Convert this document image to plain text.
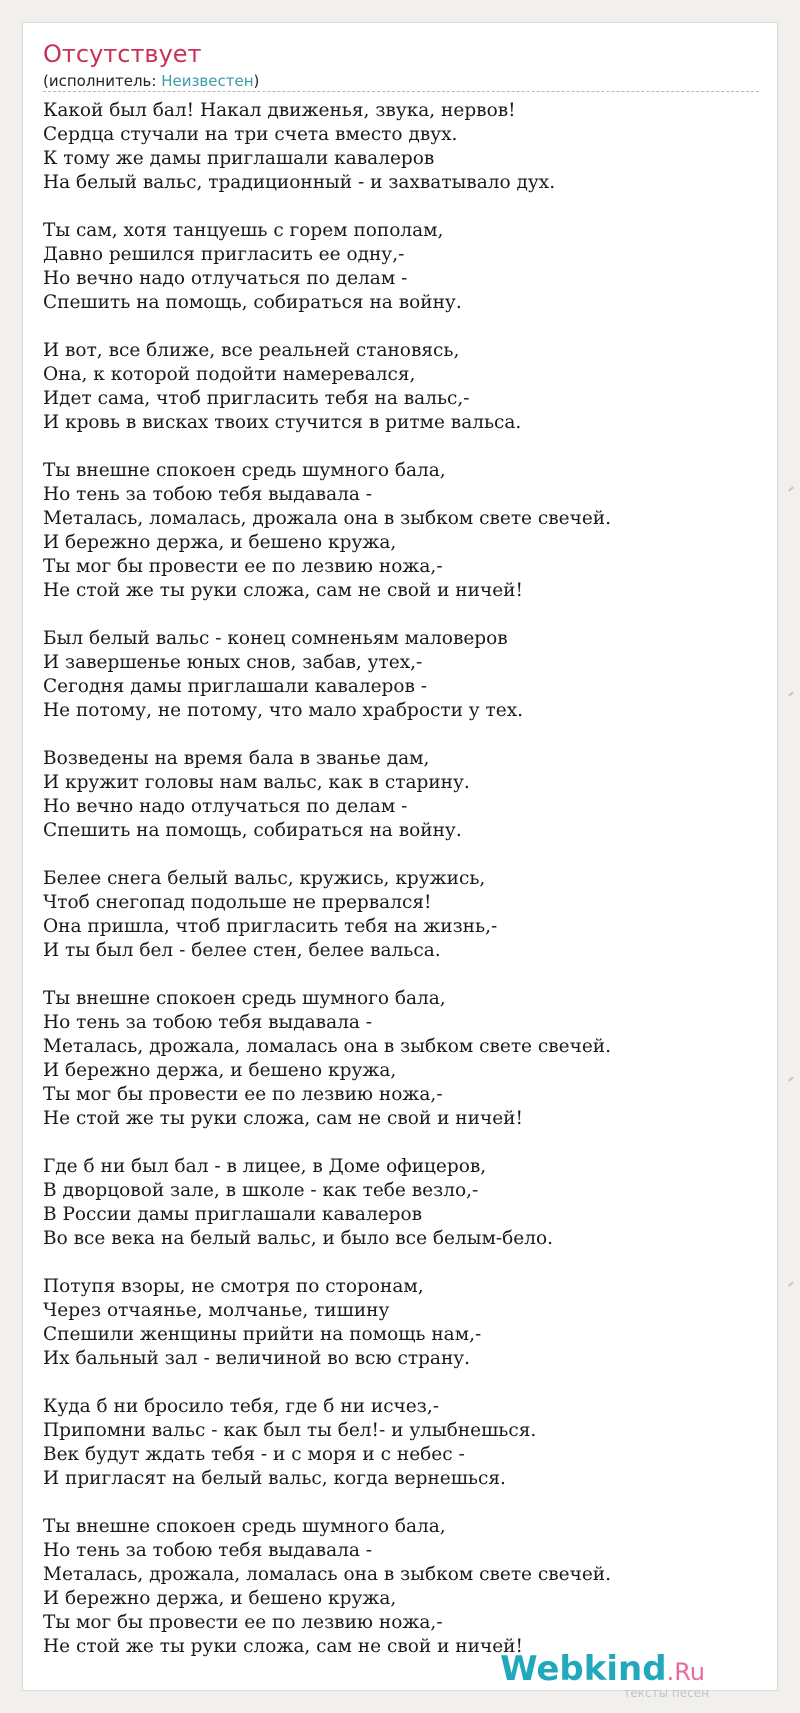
Отсутствует
(исполнитель: Неизвестен)
Какой был бал! Накал движенья, звука, нервов!
Сердца стучали на три счета вместо двух.
К тому же дамы приглашали кавалеров
На белый вальс, традиционный - и захватывало дух.
Ты сам, хотя танцуешь с горем пополам,
Давно решился пригласить ее одну,-
Но вечно надо отлучаться по делам -
Спешить на помощь, собираться на войну.
И вот, все ближе, все реальней становясь,
Она, к которой подойти намеревался,
Идет сама, чтоб пригласить тебя на вальс,-
И кровь в висках твоих стучится в ритме вальса.
Ты внешне спокоен средь шумного бала,
Но тень за тобою тебя выдавала -
Металась, ломалась, дрожала она в зыбком свете свечей.
И бережно держа, и бешено кружа,
Ты мог бы провести ее по лезвию ножа,-
Не стой же ты руки сложа, сам не свой и ничей!
Был белый вальс - конец сомненьям маловеров
И завершенье юных снов, забав, утех,-
Сегодня дамы приглашали кавалеров -
Не потому, не потому, что мало храбрости у тех.
Возведены на время бала в званье дам,
И кружит головы нам вальс, как в старину.
Но вечно надо отлучаться по делам -
Спешить на помощь, собираться на войну.
Белее снега белый вальс, кружись, кружись,
Чтоб снегопад подольше не прервался!
Она пришла, чтоб пригласить тебя на жизнь,-
И ты был бел - белее стен, белее вальса.
Ты внешне спокоен средь шумного бала,
Но тень за тобою тебя выдавала -
Металась, дрожала, ломалась она в зыбком свете свечей.
И бережно держа, и бешено кружа,
Ты мог бы провести ее по лезвию ножа,-
Не стой же ты руки сложа, сам не свой и ничей!
Где б ни был бал - в лицее, в Доме офицеров,
В дворцовой зале, в школе - как тебе везло,-
В России дамы приглашали кавалеров
Во все века на белый вальс, и было все белым-бело.
Потупя взоры, не смотря по сторонам,
Через отчаянье, молчанье, тишину
Спешили женщины прийти на помощь нам,-
Их бальный зал - величиной во всю страну.
Куда б ни бросило тебя, где б ни исчез,-
Припомни вальс - как был ты бел!- и улыбнешься.
Век будут ждать тебя - и с моря и с небес -
И пригласят на белый вальс, когда вернешься.
Ты внешне спокоен средь шумного бала,
Но тень за тобою тебя выдавала -
Металась, дрожала, ломалась она в зыбком свете свечей.
И бережно держа, и бешено кружа,
Ты мог бы провести ее по лезвию ножа,-
Не стой же ты руки сложа, сам не свой и ничей!
Webkind.Ru
тексты песен
